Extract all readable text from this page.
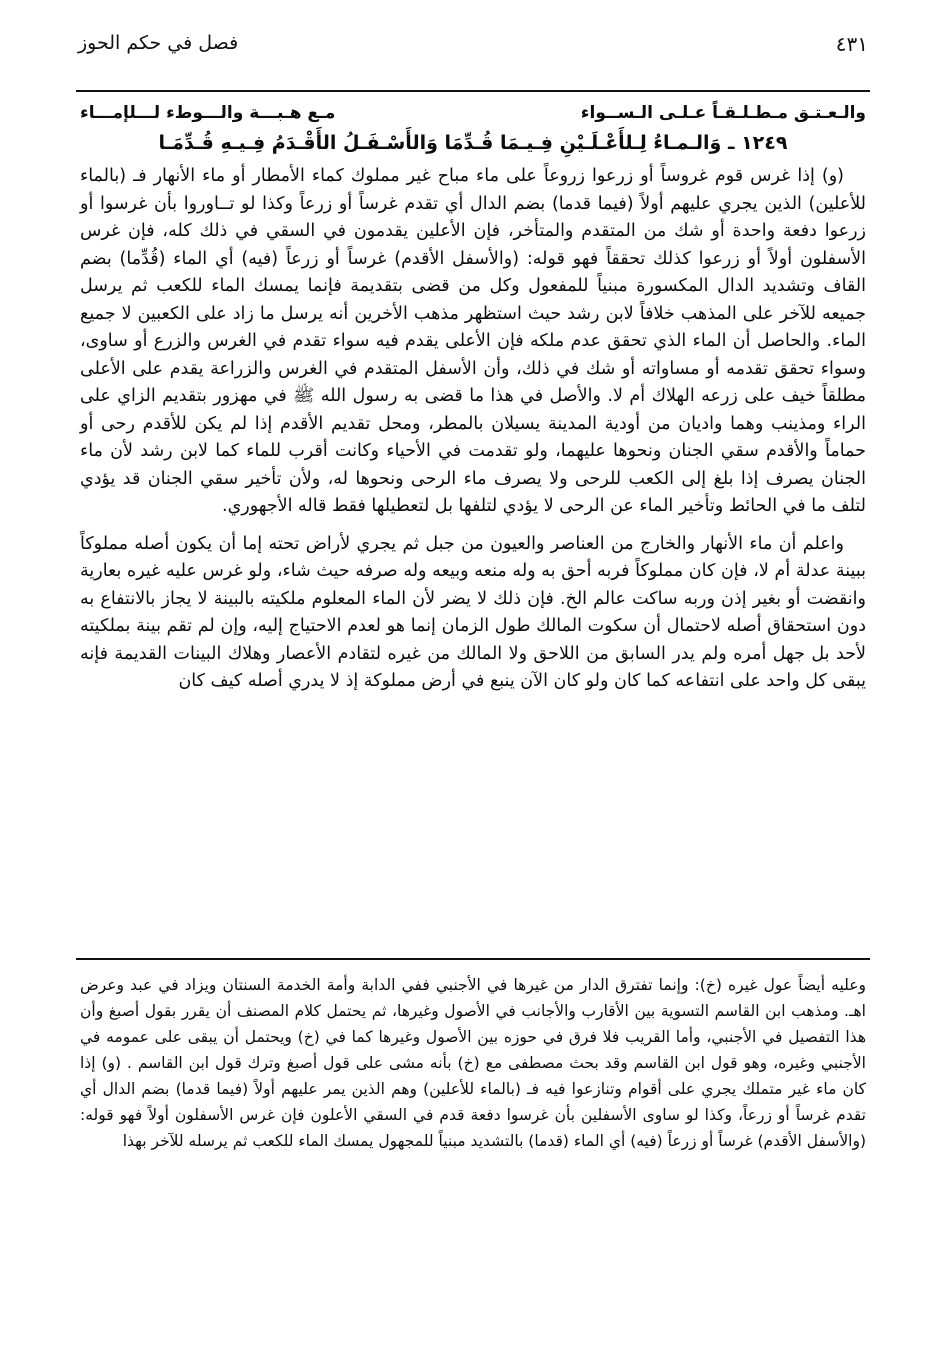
٤٣١
فصل في حكم الحوز
والـعـتـق مـطـلـقـاً عـلـى الـســواء
مـع هـبـــة والـــوطء لـــلإمـــاء
١٢٤٩ ـ وَالـمـاءُ لِـلأَعْـلَـيْنِ فِـيـمَا قُـدِّمَا وَالأَسْـفَـلُ الأَقْـدَمُ فِـيـهِ قُـدِّمَـا

(و) إذا غرس قوم غروساً أو زرعوا زروعاً على ماء مباح غير مملوك كماء الأمطار أو ماء الأنهار فـ (بالماء للأعلين) الذين يجري عليهم أولاً (فيما قدما) بضم الدال أي تقدم غرساً أو زرعاً وكذا لو تــاوروا بأن غرسوا أو زرعوا دفعة واحدة أو شك من المتقدم والمتأخر، فإن الأعلين يقدمون في السقي في ذلك كله، فإن غرس الأسفلون أولاً أو زرعوا كذلك تحققاً فهو قوله: (والأسفل الأقدم) غرساً أو زرعاً (فيه) أي الماء (قُدِّما) بضم القاف وتشديد الدال المكسورة مبنياً للمفعول وكل من قضى بتقديمة فإنما يمسك الماء للكعب ثم يرسل جميعه للآخر على المذهب خلافاً لابن رشد حيث استظهر مذهب الأخرين أنه يرسل ما زاد على الكعبين لا جميع الماء. والحاصل أن الماء الذي تحقق عدم ملكه فإن الأعلى يقدم فيه سواء تقدم في الغرس والزرع أو ساوى، وسواء تحقق تقدمه أو مساواته أو شك في ذلك، وأن الأسفل المتقدم في الغرس والزراعة يقدم على الأعلى مطلقاً خيف على زرعه الهلاك أم لا. والأصل في هذا ما قضى به رسول الله ﷺ في مهزور بتقديم الزاي على الراء ومذينب وهما واديان من أودية المدينة يسيلان بالمطر، ومحل تقديم الأقدم إذا لم يكن للأقدم رحى أو حماماً والأقدم سقي الجنان ونحوها عليهما، ولو تقدمت في الأحياء وكانت أقرب للماء كما لابن رشد لأن ماء الجنان يصرف إذا بلغ إلى الكعب للرحى ولا يصرف ماء الرحى ونحوها له، ولأن تأخير سقي الجنان قد يؤدي لتلف ما في الحائط وتأخير الماء عن الرحى لا يؤدي لتلفها بل لتعطيلها فقط قاله الأجهوري.

واعلم أن ماء الأنهار والخارج من العناصر والعيون من جبل ثم يجري لأراض تحته إما أن يكون أصله مملوكاً ببينة عدلة أم لا، فإن كان مملوكاً فربه أحق به وله منعه وبيعه وله صرفه حيث شاء، ولو غرس عليه غيره بعارية وانقضت أو بغير إذن وربه ساكت عالم الخ. فإن ذلك لا يضر لأن الماء المعلوم ملكيته بالبينة لا يجاز بالانتفاع به دون استحقاق أصله لاحتمال أن سكوت المالك طول الزمان إنما هو لعدم الاحتياج إليه، وإن لم تقم بينة بملكيته لأحد بل جهل أمره ولم يدر السابق من اللاحق ولا المالك من غيره لتقادم الأعصار وهلاك البينات القديمة فإنه يبقى كل واحد على انتفاعه كما كان ولو كان الآن ينبع في أرض مملوكة إذ لا يدري أصله كيف كان

وعليه أيضاً عول غيره (خ): وإنما تفترق الدار من غيرها في الأجنبي ففي الدابة وأمة الخدمة السنتان ويزاد في عبد وعرض اهـ. ومذهب ابن القاسم التسوية بين الأقارب والأجانب في الأصول وغيرها، ثم يحتمل كلام المصنف أن يقرر بقول أصبغ وأن هذا التفصيل في الأجنبي، وأما القريب فلا فرق في حوزه بين الأصول وغيرها كما في (خ) ويحتمل أن يبقى على عمومه في الأجنبي وغيره، وهو قول ابن القاسم وقد بحث مصطفى مع (خ) بأنه مشى على قول أصبغ وترك قول ابن القاسم . (و) إذا كان ماء غير متملك يجري على أقوام وتنازعوا فيه فـ (بالماء للأعلين) وهم الذين يمر عليهم أولاً (فيما قدما) بضم الدال أي تقدم غرساً أو زرعاً، وكذا لو ساوى الأسفلين بأن غرسوا دفعة قدم في السقي الأعلون فإن غرس الأسفلون أولاً فهو قوله: (والأسفل الأقدم) غرساً أو زرعاً (فيه) أي الماء (قدما) بالتشديد مبنياً للمجهول يمسك الماء للكعب ثم يرسله للآخر بهذا
